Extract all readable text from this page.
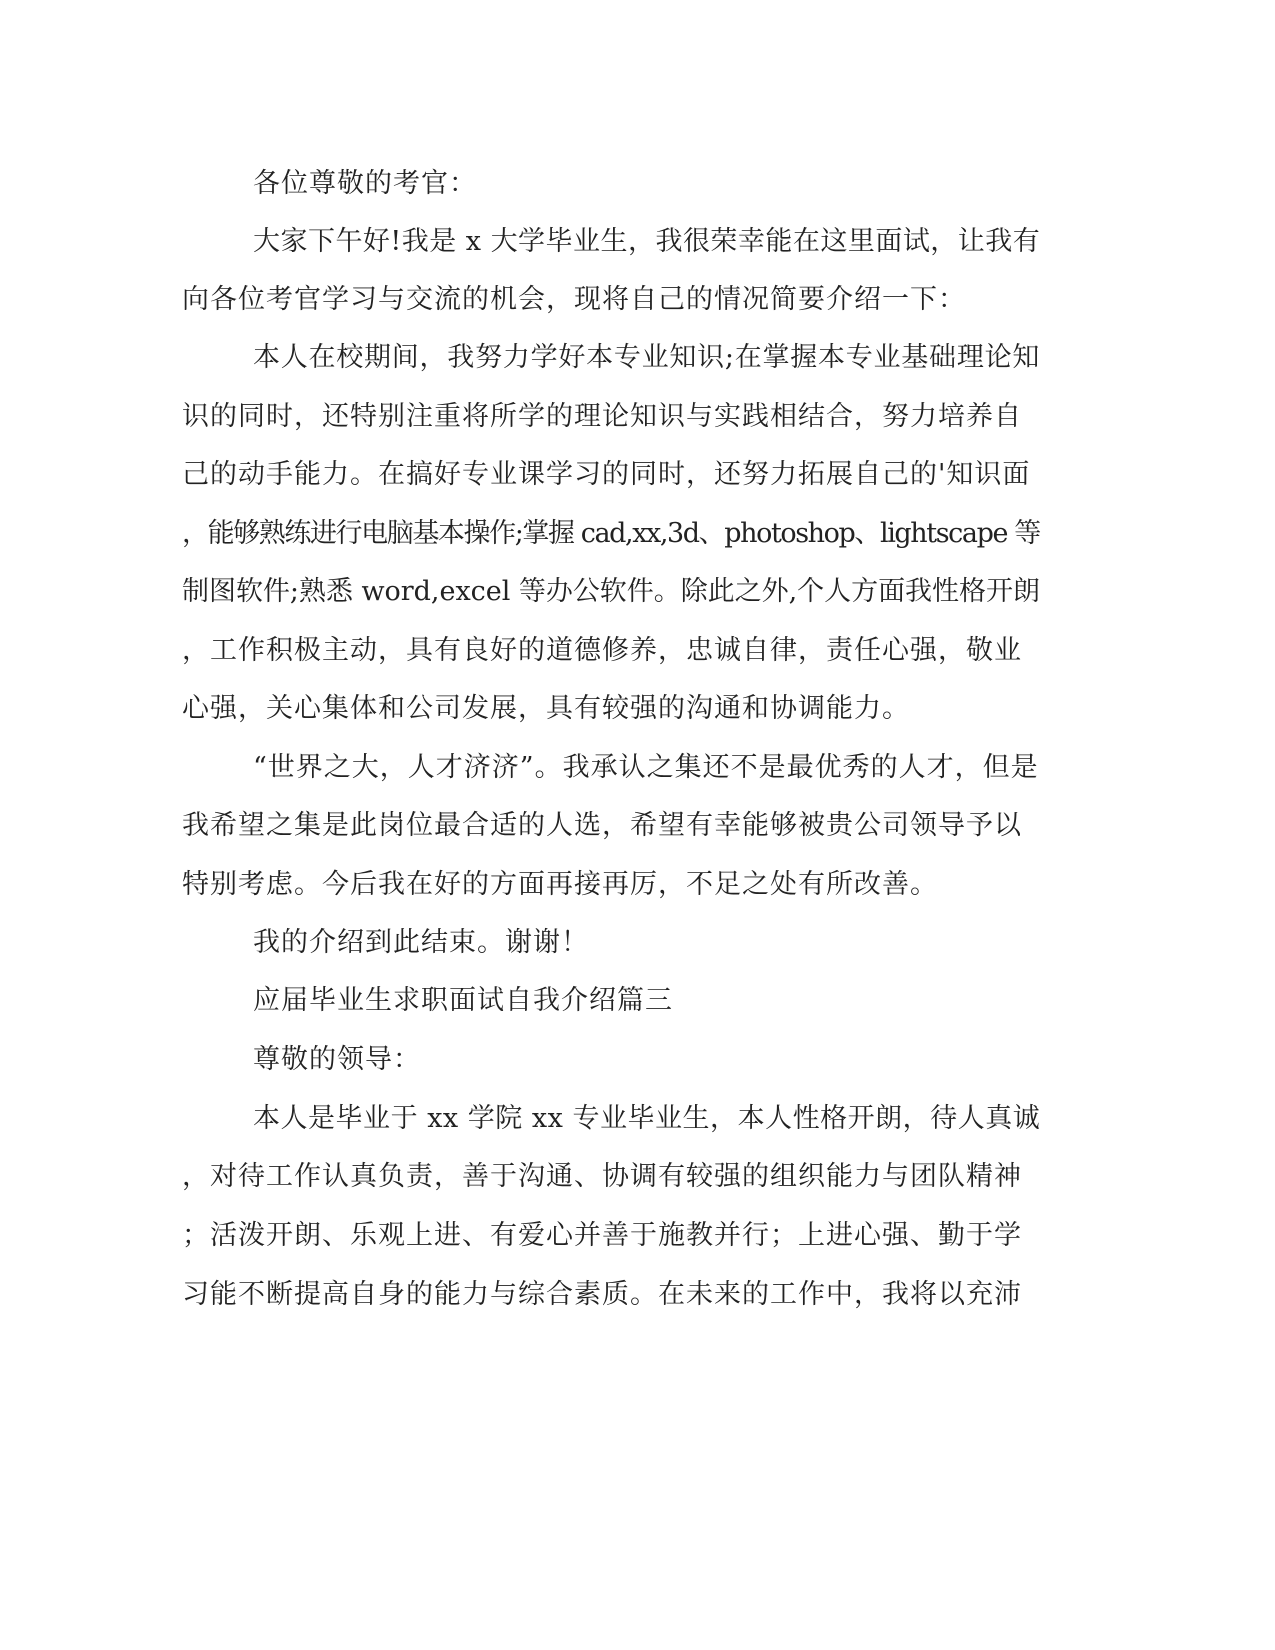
各位尊敬的考官：
大家下午好!我是 x 大学毕业生，我很荣幸能在这里面试，让我有
向各位考官学习与交流的机会，现将自己的情况简要介绍一下：
本人在校期间，我努力学好本专业知识;在掌握本专业基础理论知
识的同时，还特别注重将所学的理论知识与实践相结合，努力培养自
己的动手能力。在搞好专业课学习的同时，还努力拓展自己的'知识面
，能够熟练进行电脑基本操作;掌握 cad,xx,3d、photoshop、lightscape 等
制图软件;熟悉 word,excel 等办公软件。除此之外,个人方面我性格开朗
，工作积极主动，具有良好的道德修养，忠诚自律，责任心强，敬业
心强，关心集体和公司发展，具有较强的沟通和协调能力。
“世界之大，人才济济”。我承认之集还不是最优秀的人才，但是
我希望之集是此岗位最合适的人选，希望有幸能够被贵公司领导予以
特别考虑。今后我在好的方面再接再厉，不足之处有所改善。
我的介绍到此结束。谢谢！
应届毕业生求职面试自我介绍篇三
尊敬的领导：
本人是毕业于 xx 学院 xx 专业毕业生，本人性格开朗，待人真诚
，对待工作认真负责，善于沟通、协调有较强的组织能力与团队精神
；活泼开朗、乐观上进、有爱心并善于施教并行；上进心强、勤于学
习能不断提高自身的能力与综合素质。在未来的工作中，我将以充沛
